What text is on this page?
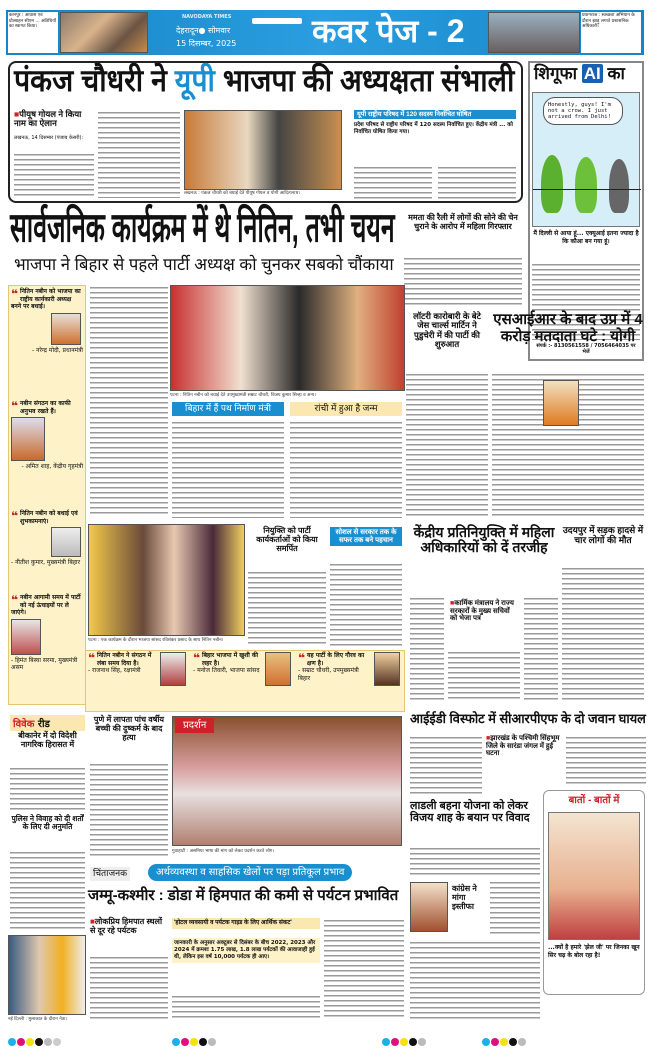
कानपुर : आवास एवं प्रोत्साहन सीएम ... अतिथियों का स्वागत किया।
NAVODAYA TIMES
देहरादून● सोमवार
15 दिसम्बर, 2025 कवर पेज - 2	प्रयागराज : स्वच्छता अभियान के दौरान झाड़ू लगाते प्रशासनिक अधिकारी।
पंकज चौधरी ने यूपी भाजपा की अध्यक्षता संभाली
■पीयूष गोयल ने किया नाम का ऐलान
लखनऊ, 14 दिसम्बर (पंजाब केसरी):
लखनऊ : पंकज चौधरी को बधाई देते पीयूष गोयल व योगी आदित्यनाथ।
यूपी राष्ट्रीय परिषद में 120 सदस्य निर्वाचित घोषित
प्रदेश परिषद से राष्ट्रीय परिषद में 120 सदस्य निर्वाचित हुए। केंद्रीय मंत्री ... को निर्वाचित घोषित किया गया।
शिगूफा AI का
Honestly, guys! I'm not a crow. I just arrived from Delhi!
मैं दिल्ली से आया हूं... एक्यूआई इतना ज्यादा है कि कौआ बन गया हूं।
संपर्क :- 8130561558 / 7056464035 पर भेजें
सार्वजनिक कार्यक्रम में थे नितिन, तभी चयन
भाजपा ने बिहार से पहले पार्टी अध्यक्ष को चुनकर सबको चौंकाया
ममता की रैली में लोगों की सोने की चेन चुराने के आरोप में महिला गिरफ्तार
❝ नितिन नबीन को भाजपा का राष्ट्रीय कार्यकारी अध्यक्ष बनने पर बधाई।
- नरेन्द्र मोदी, प्रधानमंत्री
❝ नबीन संगठन का काफी अनुभव रखते हैं।
- अमित शाह, केंद्रीय गृहमंत्री
❝ नितिन नबीन को बधाई एवं शुभकामनाएं।
- नीतीश कुमार, मुख्यमंत्री बिहार
❝ नबीन आगामी समय में पार्टी को नई ऊंचाइयों पर ले जाएंगे।
- हिमंत बिस्वा सरमा, मुख्यमंत्री असम
पटना : नितिन नबीन को बधाई देते उपमुख्यमंत्री सम्राट चौधरी, विजय कुमार सिन्हा व अन्य।
बिहार में हैं पथ निर्माण मंत्री	रांची में हुआ है जन्म
लॉटरी कारोबारी के बेटे जेस चार्ल्स मार्टिन ने पुडुचेरी में की पार्टी की शुरुआत
एसआईआर के बाद उप्र में 4 करोड़ मतदाता घटे : योगी
पटना : एक कार्यक्रम के दौरान भाजपा सांसद रविशंकर प्रसाद के साथ नितिन नबीन।
नियुक्ति को पार्टी कार्यकर्ताओं को किया समर्पित
सोशल से सरकार तक के सफर तक बने पहचान
❝ नितिन नबीन ने संगठन में लंबा समय दिया है।
- राजनाथ सिंह, रक्षामंत्री
❝ बिहार भाजपा में खुशी की लहर है।
- मनोज तिवारी, भाजपा सांसद
❝ यह पार्टी के लिए गौरव का क्षण है।
- सम्राट चौधरी, उपमुख्यमंत्री बिहार
केंद्रीय प्रतिनियुक्ति में महिला अधिकारियों को दें तरजीह
■कार्मिक मंत्रालय ने राज्य सरकारों के मुख्य सचिवों को भेजा पत्र
उदयपुर में सड़क हादसे में चार लोगों की मौत
आईईडी विस्फोट में सीआरपीएफ के दो जवान घायल
■झारखंड के पश्चिमी सिंहभूम जिले के सारंडा जंगल में हुई घटना
लाडली बहना योजना को लेकर विजय शाह के बयान पर विवाद
कांग्रेस ने मांगा इस्तीफा
बातों - बातों में
...क्यों है हमारे 'झेल जी' पर जिनका खून सिर चढ़ के बोल रहा है!
विवेक रीड
बीकानेर में दो विदेशी नागरिक हिरासत में
पुलिस ने विवाह को दी शर्तों के लिए दी अनुमति
नई दिल्ली : मुलाकात के दौरान नेता।
पुणे में लापता पांच वर्षीय बच्ची की दुष्कर्म के बाद हत्या
प्रदर्शन
गुवाहाटी : असमिया भाषा की मांग को लेकर प्रदर्शन करते लोग।
चिंताजनक	अर्थव्यवस्था व साहसिक खेलों पर पड़ा प्रतिकूल प्रभाव
जम्मू-कश्मीर : डोडा में हिमपात की कमी से पर्यटन प्रभावित
■लोकप्रिय हिमपात स्थलों से दूर रहे पर्यटक
'होटल व्यवसायी व पर्यटक गाइड के लिए आर्थिक संकट'
जानकारी के अनुसार अक्टूबर से दिसंबर के बीच 2022, 2023 और 2024 में क्रमशः 1.75 लाख, 1.8 लाख पर्यटकों की आवाजाही हुई थी, लेकिन इस वर्ष 10,000 पर्यटक ही आए।
